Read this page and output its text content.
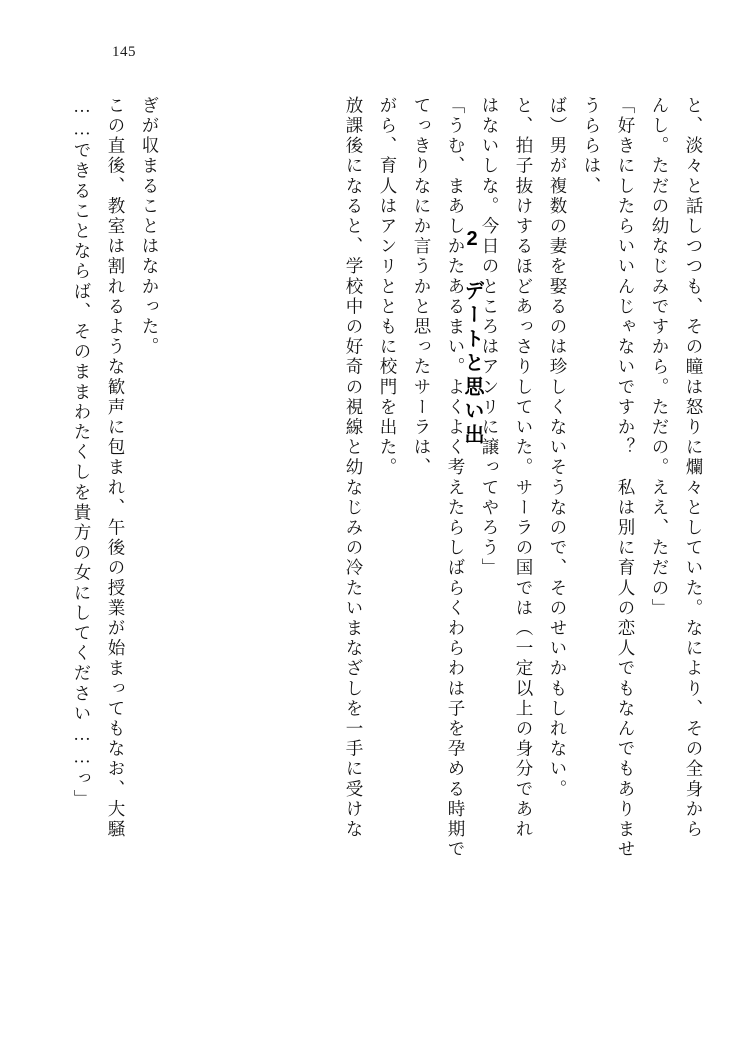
145
……できることならば、そのままわたくしを貴方の女にしてください……っ」 この直後、教室は割れるような歓声に包まれ、午後の授業が始まってもなお、大騒 ぎが収まることはなかった。	放課後になると、学校中の好奇の視線と幼なじみの冷たいまなざしを一手に受けな がら、育人はアンリとともに校門を出た。 てっきりなにか言うかと思ったサーラは、 「うむ、まあしかたあるまい。よくよく考えたらしばらくわらわは子を孕める時期で はないしな。今日のところはアンリに譲ってやろう」 と、拍子抜けするほどあっさりしていた。サーラの国では（一定以上の身分であれ ば）男が複数の妻を娶るのは珍しくないそうなので、そのせいかもしれない。 うららは、 「好きにしたらいいんじゃないですか？　私は別に育人の恋人でもなんでもありませ んし。ただの幼なじみですから。ただの。ええ、ただの」 と、淡々と話しつつも、その瞳は怒りに爛々としていた。なにより、その全身から
2 デートと思い出
